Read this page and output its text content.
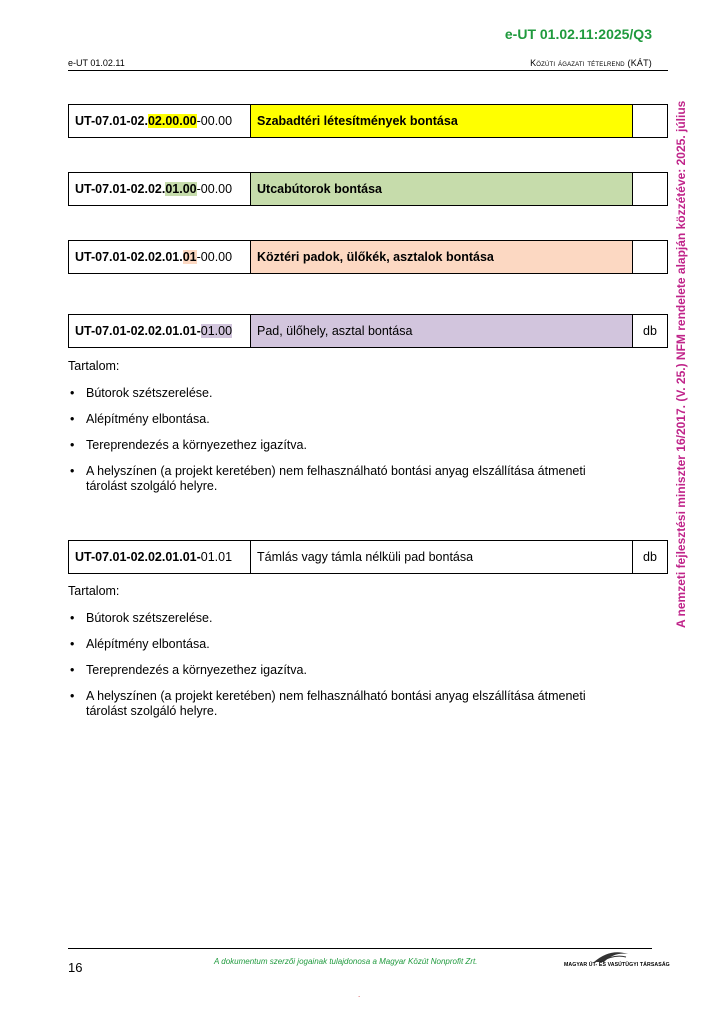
e-UT 01.02.11:2025/Q3
e-UT 01.02.11	Közúti ágazati tételrend (KÁT)
A nemzeti fejlesztési miniszter 16/2017. (V. 25.) NFM rendelete alapján közzétéve: 2025. július
UT-07.01-02. 02.00.00 -00.00	Szabadtéri létesítmények bontása
UT-07.01-02.02. 01.00 -00.00	Utcabútorok bontása
UT-07.01-02.02.01. 01 -00.00	Köztéri padok, ülőkék, asztalok bontása
UT-07.01-02.02.01.01- 01.00	Pad, ülőhely, asztal bontása	db
Tartalom:
• Bútorok szétszerelése.
• Alépítmény elbontása.
• Tereprendezés a környezethez igazítva.
• A helyszínen (a projekt keretében) nem felhasználható bontási anyag elszállítása átmeneti tárolást szolgáló helyre.
UT-07.01-02.02.01.01- 01.01	Támlás vagy támla nélküli pad bontása	db
Tartalom:
• Bútorok szétszerelése.
• Alépítmény elbontása.
• Tereprendezés a környezethez igazítva.
• A helyszínen (a projekt keretében) nem felhasználható bontási anyag elszállítása átmeneti tárolást szolgáló helyre.
16	A dokumentum szerzői jogainak tulajdonosa a Magyar Közút Nonprofit Zrt.	MAGYAR ÚT- ÉS VASÚTÜGYI TÁRSASÁG
.
